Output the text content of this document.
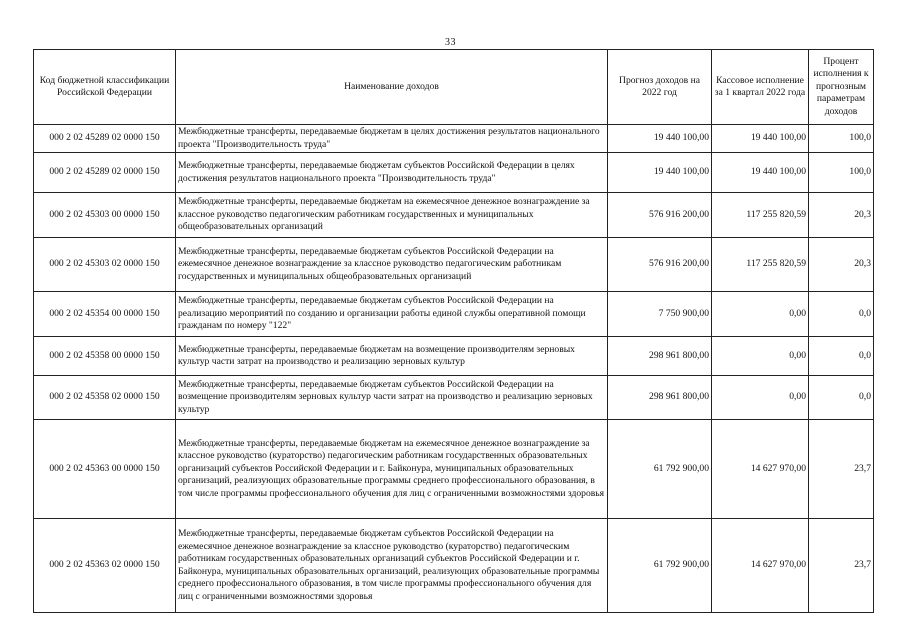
33
Код бюджетной классификации Российской Федерации	Наименование доходов	Прогноз доходов на 2022 год	Кассовое исполнение за 1 квартал 2022 года	Процент исполнения к прогнозным параметрам доходов
000 2 02 45289 02 0000 150	Межбюджетные трансферты, передаваемые бюджетам в целях достижения результатов национального проекта "Производительность труда"	19 440 100,00	19 440 100,00	100,0
000 2 02 45289 02 0000 150	Межбюджетные трансферты, передаваемые бюджетам субъектов Российской Федерации в целях достижения результатов национального проекта "Производительность труда"	19 440 100,00	19 440 100,00	100,0
000 2 02 45303 00 0000 150	Межбюджетные трансферты, передаваемые бюджетам на ежемесячное денежное вознаграждение за классное руководство педагогическим работникам государственных и муниципальных общеобразовательных организаций	576 916 200,00	117 255 820,59	20,3
000 2 02 45303 02 0000 150	Межбюджетные трансферты, передаваемые бюджетам субъектов Российской Федерации на ежемесячное денежное вознаграждение за классное руководство педагогическим работникам государственных и муниципальных общеобразовательных организаций	576 916 200,00	117 255 820,59	20,3
000 2 02 45354 00 0000 150	Межбюджетные трансферты, передаваемые бюджетам субъектов Российской Федерации на реализацию мероприятий по созданию и организации работы единой службы оперативной помощи гражданам по номеру "122"	7 750 900,00	0,00	0,0
000 2 02 45358 00 0000 150	Межбюджетные трансферты, передаваемые бюджетам на возмещение производителям зерновых культур части затрат на производство и реализацию зерновых культур	298 961 800,00	0,00	0,0
000 2 02 45358 02 0000 150	Межбюджетные трансферты, передаваемые бюджетам субъектов Российской Федерации на возмещение производителям зерновых культур части затрат на производство и реализацию зерновых культур	298 961 800,00	0,00	0,0
000 2 02 45363 00 0000 150	Межбюджетные трансферты, передаваемые бюджетам на ежемесячное денежное вознаграждение за классное руководство (кураторство) педагогическим работникам государственных образовательных организаций субъектов Российской Федерации и г. Байконура, муниципальных образовательных организаций, реализующих образовательные программы среднего профессионального образования, в том числе программы профессионального обучения для лиц с ограниченными возможностями здоровья	61 792 900,00	14 627 970,00	23,7
000 2 02 45363 02 0000 150	Межбюджетные трансферты, передаваемые бюджетам субъектов Российской Федерации на ежемесячное денежное вознаграждение за классное руководство (кураторство) педагогическим работникам государственных образовательных организаций субъектов Российской Федерации и г. Байконура, муниципальных образовательных организаций, реализующих образовательные программы среднего профессионального образования, в том числе программы профессионального обучения для лиц с ограниченными возможностями здоровья	61 792 900,00	14 627 970,00	23,7
